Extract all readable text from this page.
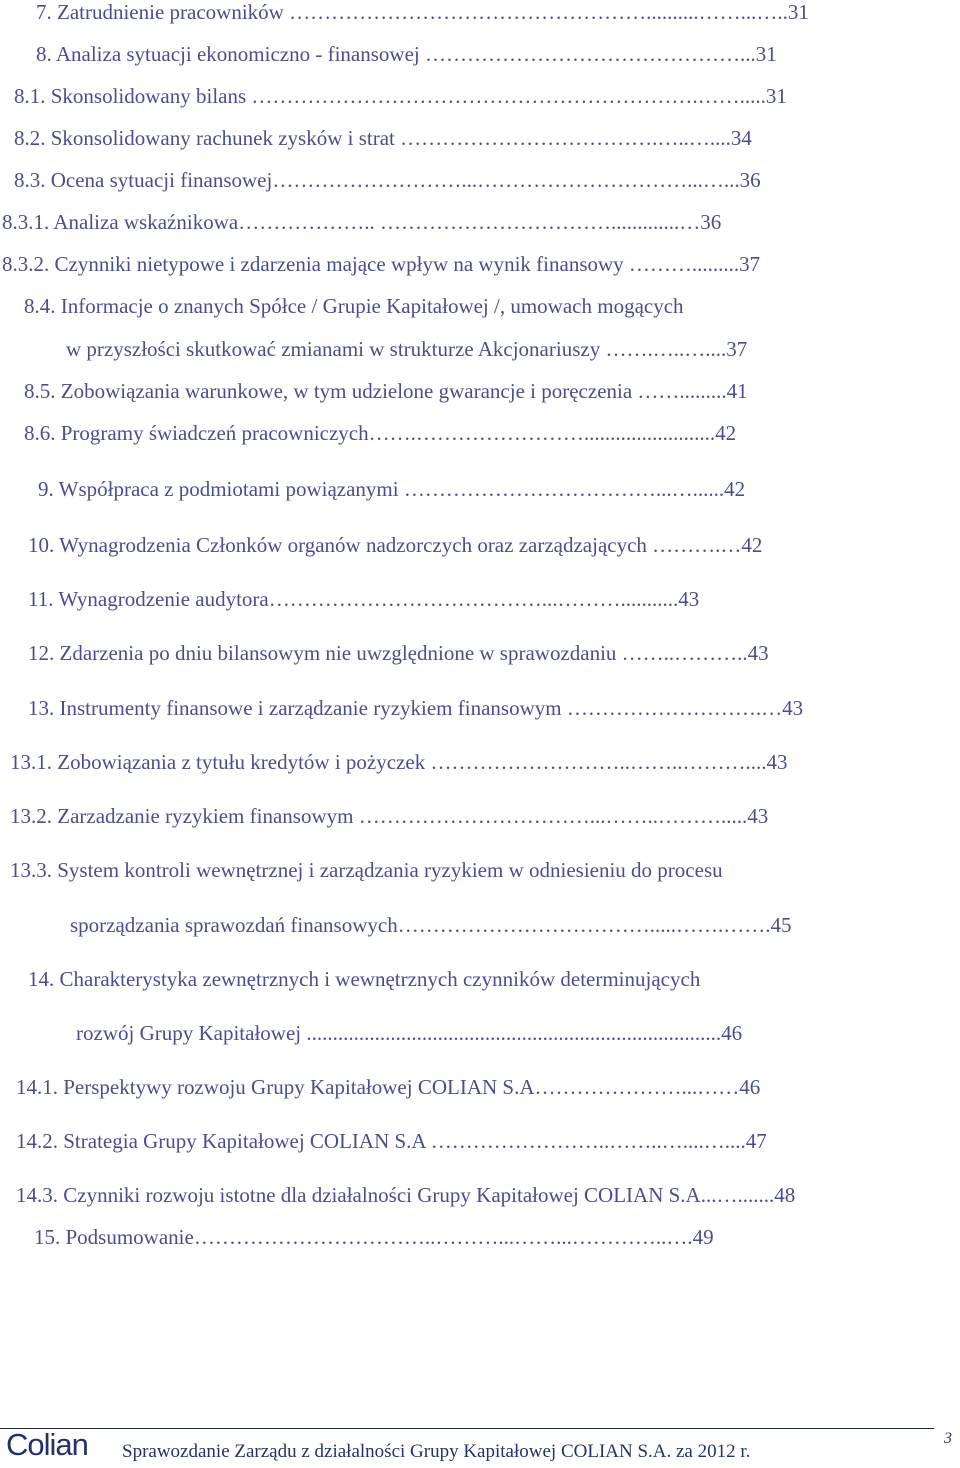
7. Zatrudnienie pracowników ……………………………………………..........……...…..31
8. Analiza sytuacji ekonomiczno - finansowej ………………………………………...31
8.1. Skonsolidowany bilans ……………………………………………………….…….....31
8.2. Skonsolidowany rachunek zysków i strat ……………………………….…..…....34
8.3. Ocena sytuacji finansowej………………………...…………………………...…...36
8.3.1. Analiza wskaźnikowa……………….. …………………………….............…36
8.3.2. Czynniki nietypowe i zdarzenia mające wpływ na wynik finansowy ……….........37
8.4. Informacje o znanych Spółce / Grupie Kapitałowej /, umowach mogących
w przyszłości skutkować zmianami w strukturze Akcjonariuszy …….…..…....37
8.5. Zobowiązania warunkowe, w tym udzielone gwarancje i poręczenia …….........41
8.6. Programy świadczeń pracowniczych…….…………………….........................42
9. Współpraca z podmiotami powiązanymi ………………………………...…......42
10. Wynagrodzenia Członków organów nadzorczych oraz zarządzających ……….…42
11. Wynagrodzenie audytora…………………………………...………...........43
12. Zdarzenia po dniu bilansowym nie uwzględnione w sprawozdaniu ……..………..43
13. Instrumenty finansowe i zarządzanie ryzykiem finansowym ……………………….…43
13.1. Zobowiązania z tytułu kredytów i pożyczek ………………………..……..………....43
13.2. Zarzadzanie ryzykiem finansowym ……………………………...……..……….....43
13.3. System kontroli wewnętrznej i zarządzania ryzykiem w odniesieniu do procesu
sporządzania sprawozdań finansowych……………………………….....…….…….45
14. Charakterystyka zewnętrznych i wewnętrznych czynników determinujących
rozwój Grupy Kapitałowej ...............................................................................46
14.1. Perspektywy rozwoju Grupy Kapitałowej COLIAN S.A…………………...……46
14.2. Strategia Grupy Kapitałowej COLIAN S.A ……………………..……..…....…....47
14.3. Czynniki rozwoju istotne dla działalności Grupy Kapitałowej COLIAN S.A...….......48
15. Podsumowanie……………………………..………...……...…………..….49
Colian Sprawozdanie Zarządu z działalności Grupy Kapitałowej COLIAN S.A. za 2012 r.
3
